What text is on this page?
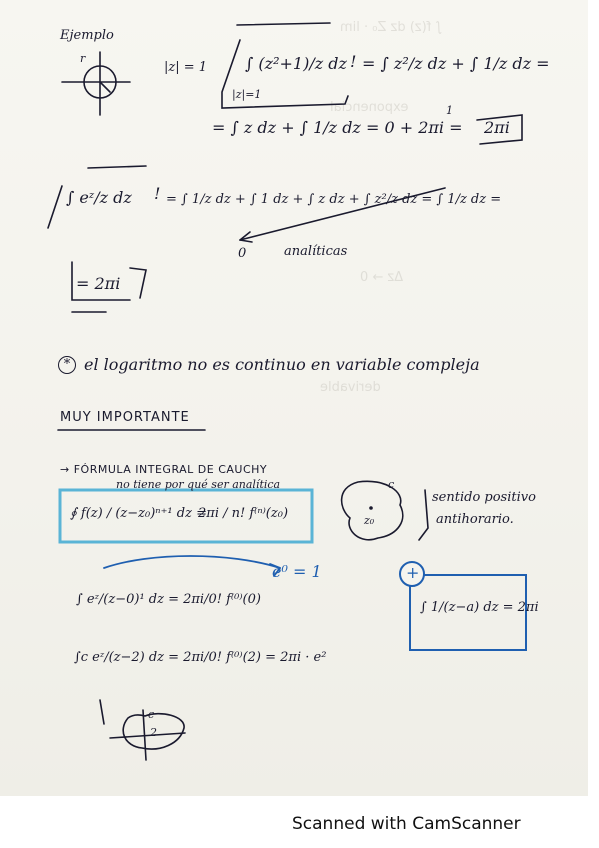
∫ f(z) dz Z₀ · lim
exponencial
Δz → 0
derivable
Ejemplo
r
|z| = 1 ∫ (z²+1)/z dz ! = ∫ z²/z dz + ∫ 1/z dz =
|z|=1
1
= ∫ z dz + ∫ 1/z dz = 0 + 2πi = 2πi
∫ eᶻ/z dz ! = ∫ 1/z dz + ∫ 1 dz + ∫ z dz + ∫ z²/z dz = ∫ 1/z dz =
0	analíticas
= 2πi
* el logaritmo no es continuo en variable compleja
MUY IMPORTANTE
→ FÓRMULA INTEGRAL DE CAUCHY
no tiene por qué ser analítica
∮ f(z) / (z−z₀)ⁿ⁺¹ dz =
2πi / n! f⁽ⁿ⁾(z₀)
c
z₀
sentido positivo
antihorario.
∫ eᶻ/(z−0)¹ dz = 2πi/0! f⁽⁰⁾(0)
e⁰ = 1	+
∫ 1/(z−a) dz = 2πi
∫c eᶻ/(z−2) dz = 2πi/0! f⁽⁰⁾(2) = 2πi · e²
c
2
Scanned with CamScanner
